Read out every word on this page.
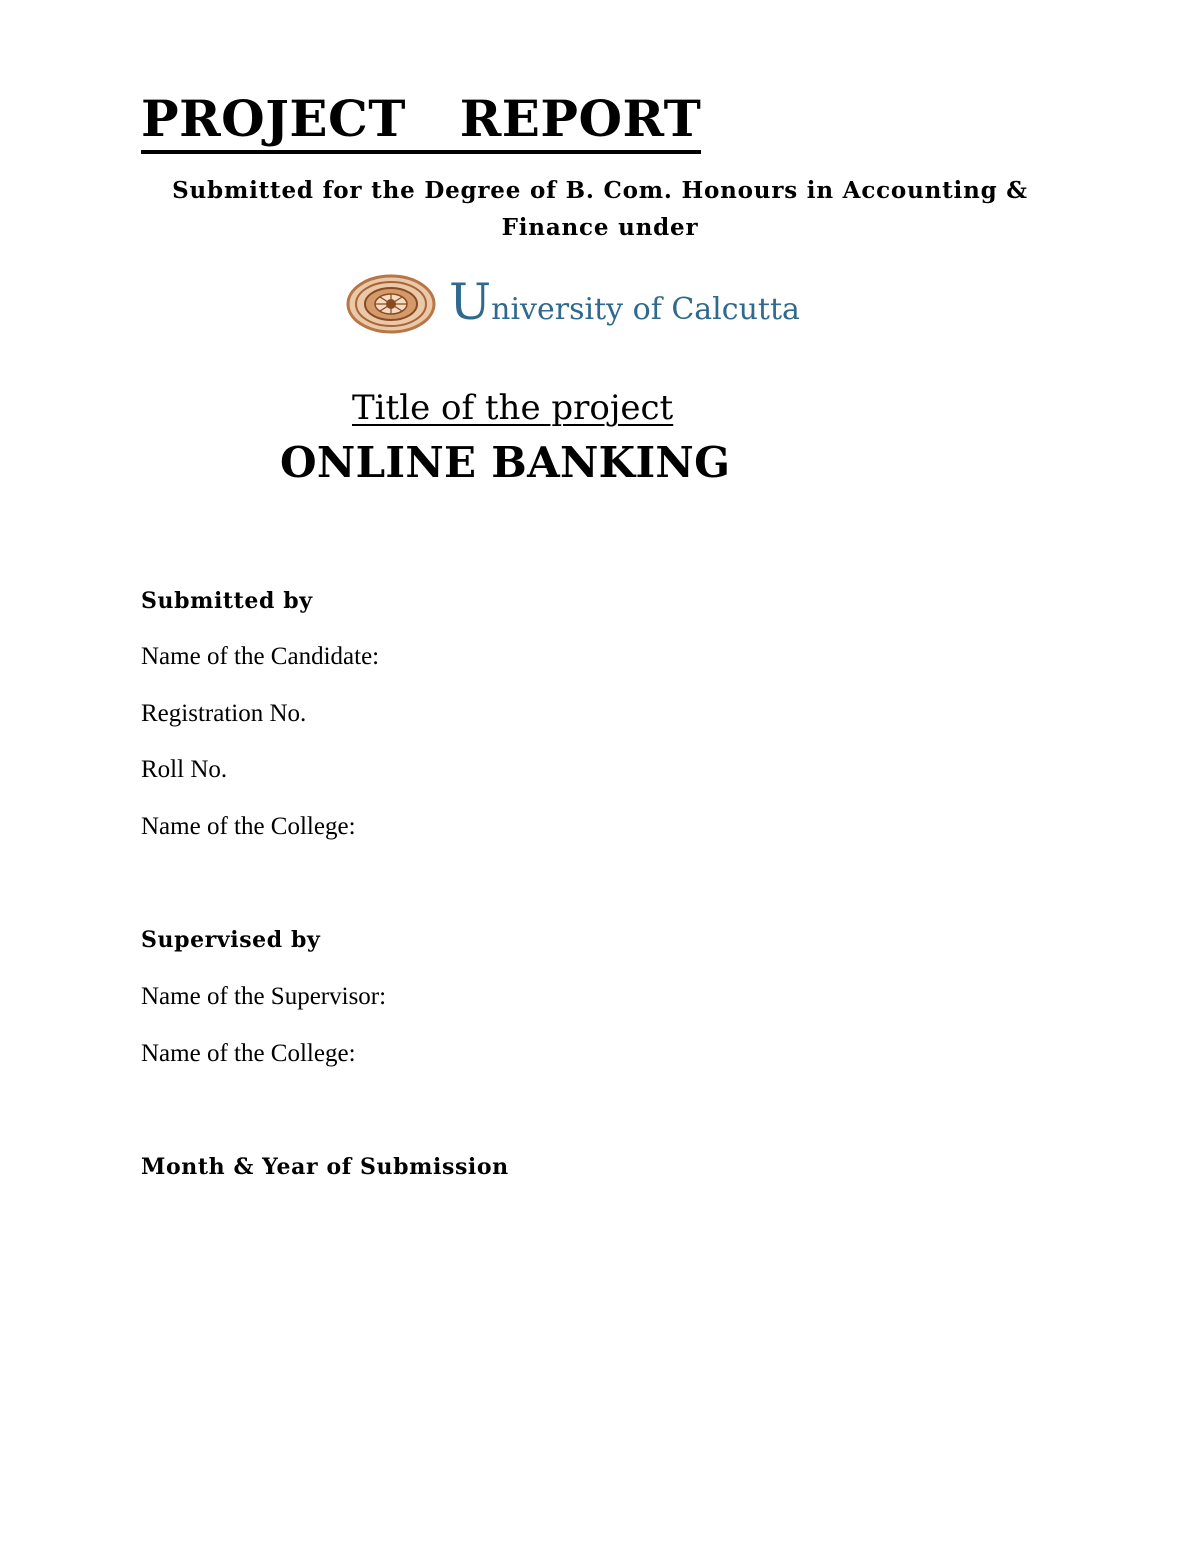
PROJECT   REPORT

Submitted for the Degree of B. Com. Honours in Accounting &
Finance under

University of Calcutta

Title of the project

ONLINE BANKING

Submitted by

Name of the Candidate:

Registration No.

Roll No.

Name of the College:

Supervised by

Name of the Supervisor:

Name of the College:

Month & Year of Submission
